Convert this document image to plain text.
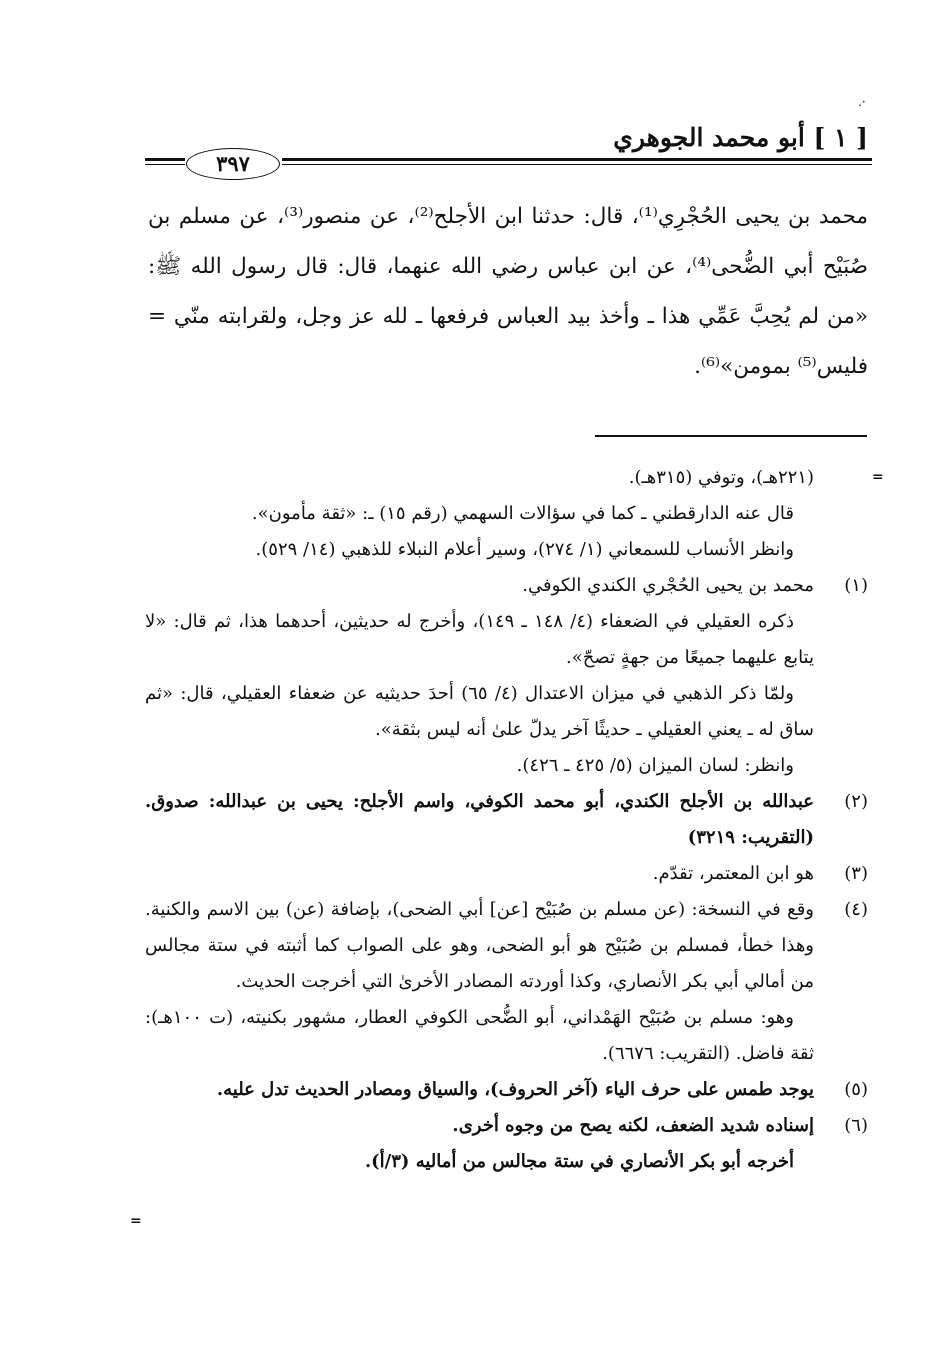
.·
[ ١ ] أبو محمد الجوهري
٣٩٧

محمد بن يحيى الحُجْرِي⁽¹⁾، قال: حدثنا ابن الأجلح⁽²⁾، عن منصور⁽³⁾، عن مسلم بن صُبَيْح أبي الضُّحى⁽⁴⁾، عن ابن عباس رضي الله عنهما، قال: قال رسول الله ﷺ: «من لم يُحِبَّ عَمِّي هذا ـ وأخذ بيد العباس فرفعها ـ لله عز وجل، ولقرابته منّي = فليس⁽⁵⁾ بمومن»⁽⁶⁾.

=
=

(٢٢١هـ)، وتوفي (٣١٥هـ).

قال عنه الدارقطني ـ كما في سؤالات السهمي (رقم ١٥) ـ: «ثقة مأمون».

وانظر الأنساب للسمعاني (١/ ٢٧٤)، وسير أعلام النبلاء للذهبي (١٤/ ٥٢٩).

(١)

محمد بن يحيى الحُجْري الكندي الكوفي.

ذكره العقيلي في الضعفاء (٤/ ١٤٨ ـ ١٤٩)، وأخرج له حديثين، أحدهما هذا، ثم قال: «لا يتابع عليهما جميعًا من جهةٍ تصحّ».

ولمّا ذكر الذهبي في ميزان الاعتدال (٤/ ٦٥) أحدَ حديثيه عن ضعفاء العقيلي، قال: «ثم ساق له ـ يعني العقيلي ـ حديثًا آخر يدلّ علىٰ أنه ليس بثقة».

وانظر: لسان الميزان (٥/ ٤٢٥ ـ ٤٢٦).

(٢)

عبدالله بن الأجلح الكندي، أبو محمد الكوفي، واسم الأجلح: يحيى بن عبدالله: صدوق. (التقريب: ٣٢١٩)

(٣)

هو ابن المعتمر، تقدّم.

(٤)

وقع في النسخة: (عن مسلم بن صُبَيْح [عن] أبي الضحى)، بإضافة (عن) بين الاسم والكنية. وهذا خطأ، فمسلم بن صُبَيْح هو أبو الضحى، وهو على الصواب كما أثبته في ستة مجالس من أمالي أبي بكر الأنصاري، وكذا أوردته المصادر الأخرىٰ التي أخرجت الحديث.

وهو: مسلم بن صُبَيْح الهَمْداني، أبو الضُّحى الكوفي العطار، مشهور بكنيته، (ت ١٠٠هـ): ثقة فاضل. (التقريب: ٦٦٧٦).

(٥)

يوجد طمس على حرف الياء (آخر الحروف)، والسياق ومصادر الحديث تدل عليه.

(٦)

إسناده شديد الضعف، لكنه يصح من وجوه أخرى.

أخرجه أبو بكر الأنصاري في ستة مجالس من أماليه (٣/أ).
